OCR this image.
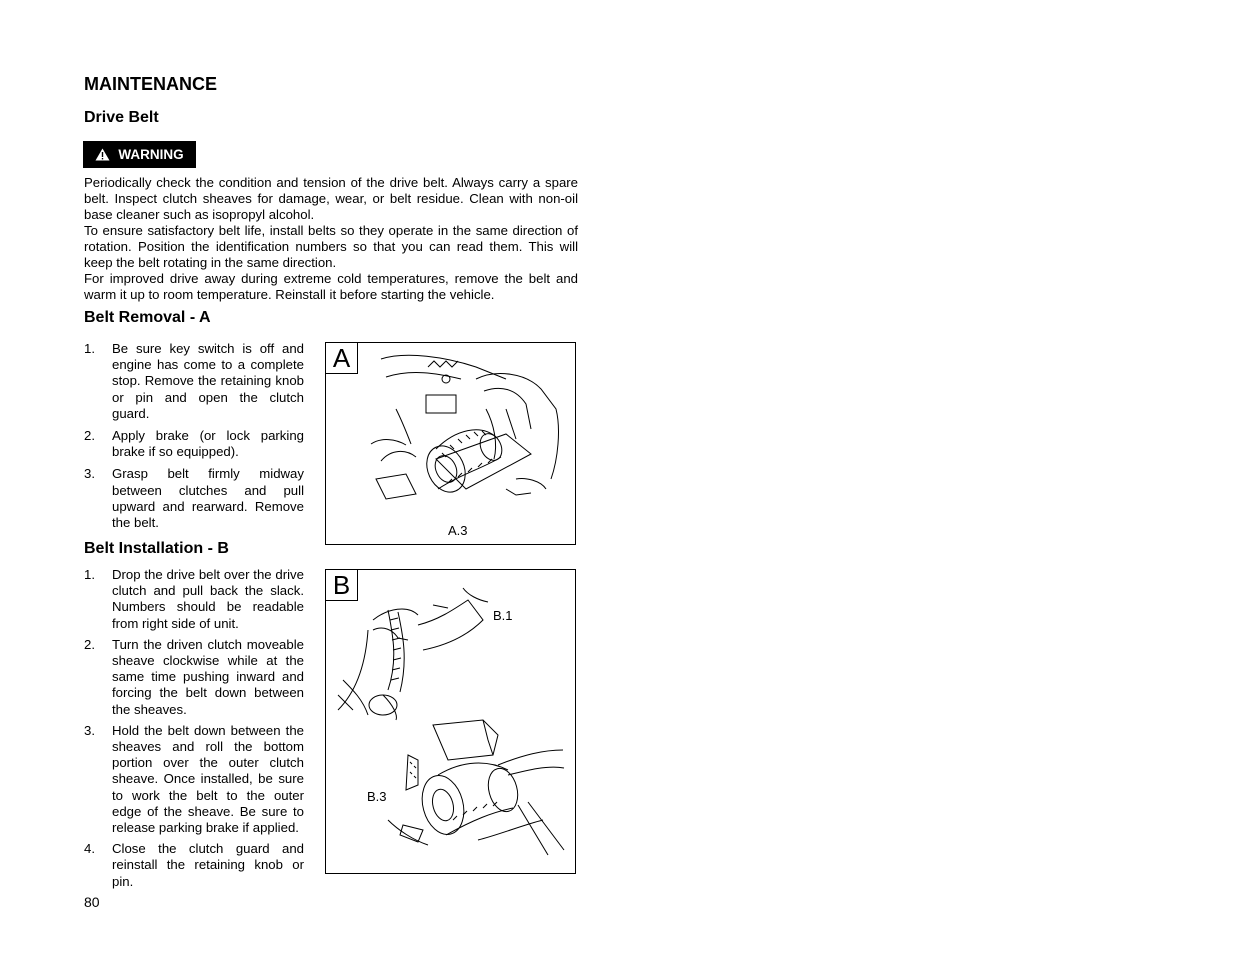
MAINTENANCE
Drive Belt
WARNING

Periodically check the condition and tension of the drive belt. Always carry a spare belt. Inspect clutch sheaves for damage, wear, or belt residue. Clean with non-oil base cleaner such as isopropyl alcohol.

To ensure satisfactory belt life, install belts so they operate in the same direction of rotation. Position the identification numbers so that you can read them. This will keep the belt rotating in the same direction.

For improved drive away during extreme cold temperatures, remove the belt and warm it up to room temperature. Reinstall it before starting the vehicle.

Belt Removal - A
1. Be sure key switch is off and engine has come to a complete stop. Remove the retaining knob or pin and open the clutch guard.
2. Apply brake (or lock parking brake if so equipped).
3. Grasp belt firmly midway between clutches and pull upward and rearward. Remove the belt.
Belt Installation - B
1. Drop the drive belt over the drive clutch and pull back the slack. Numbers should be readable from right side of unit.
2. Turn the driven clutch moveable sheave clockwise while at the same time pushing inward and forcing the belt down between the sheaves.
3. Hold the belt down between the sheaves and roll the bottom portion over the outer clutch sheave. Once installed, be sure to work the belt to the outer edge of the sheave. Be sure to release parking brake if applied.
4. Close the clutch guard and reinstall the retaining knob or pin.
A
A.3
B
B.1
B.3
80
